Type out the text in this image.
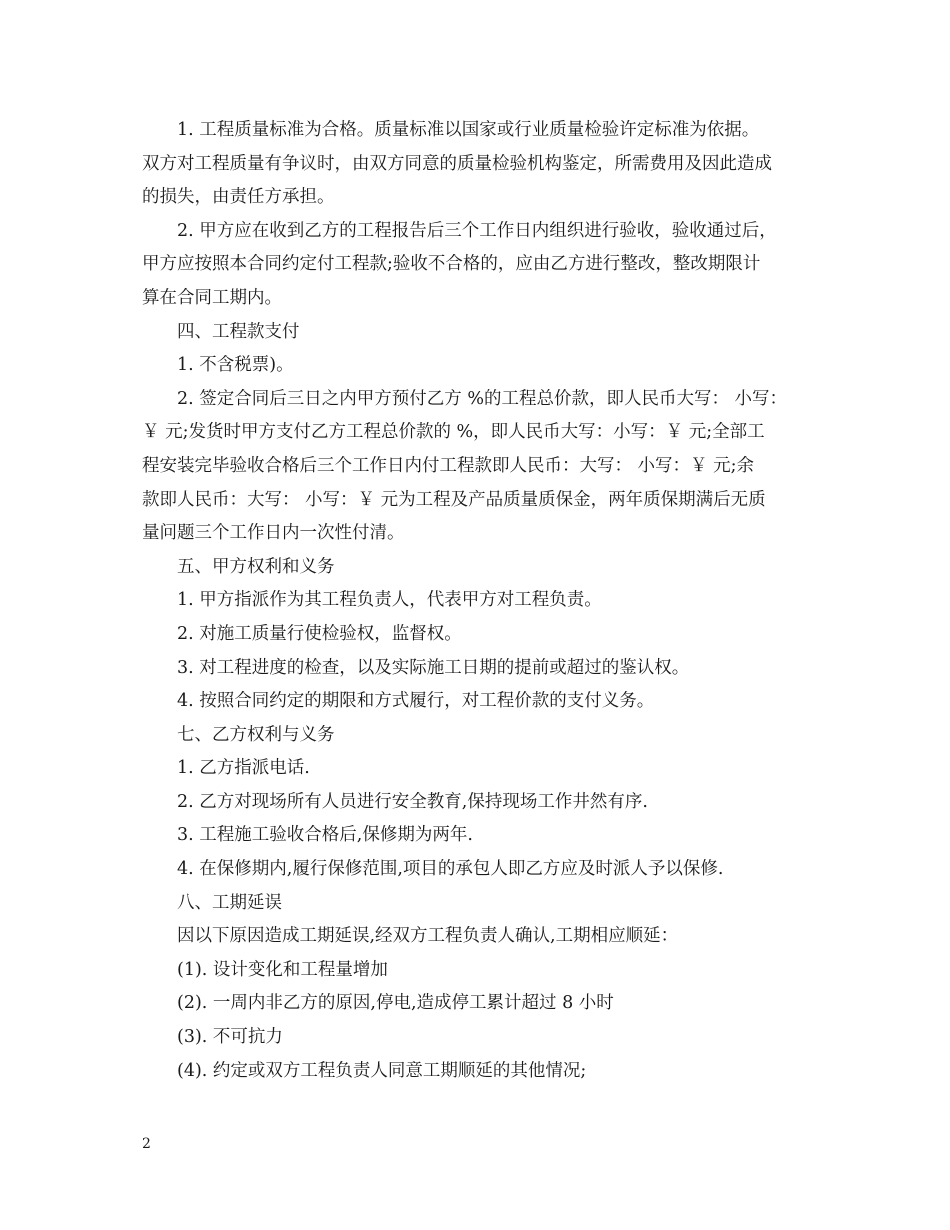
1. 工程质量标准为合格。质量标准以国家或行业质量检验许定标准为依据。
双方对工程质量有争议时，由双方同意的质量检验机构鉴定，所需费用及因此造成
的损失，由责任方承担。
2. 甲方应在收到乙方的工程报告后三个工作日内组织进行验收，验收通过后，
甲方应按照本合同约定付工程款;验收不合格的，应由乙方进行整改，整改期限计
算在合同工期内。
四、工程款支付
1. 不含税票)。
2. 签定合同后三日之内甲方预付乙方 %的工程总价款，即人民币大写： 小写：
￥ 元;发货时甲方支付乙方工程总价款的 %，即人民币大写：小写：￥ 元;全部工
程安装完毕验收合格后三个工作日内付工程款即人民币：大写： 小写：￥ 元;余
款即人民币：大写： 小写：￥ 元为工程及产品质量质保金，两年质保期满后无质
量问题三个工作日内一次性付清。
五、甲方权利和义务
1. 甲方指派作为其工程负责人，代表甲方对工程负责。
2. 对施工质量行使检验权，监督权。
3. 对工程进度的检查，以及实际施工日期的提前或超过的鉴认权。
4. 按照合同约定的期限和方式履行，对工程价款的支付义务。
七、乙方权利与义务
1. 乙方指派电话.
2. 乙方对现场所有人员进行安全教育,保持现场工作井然有序.
3. 工程施工验收合格后,保修期为两年.
4. 在保修期内,履行保修范围,项目的承包人即乙方应及时派人予以保修.
八、工期延误
因以下原因造成工期延误,经双方工程负责人确认,工期相应顺延：
(1). 设计变化和工程量增加
(2). 一周内非乙方的原因,停电,造成停工累计超过 8 小时
(3). 不可抗力
(4). 约定或双方工程负责人同意工期顺延的其他情况;
2
